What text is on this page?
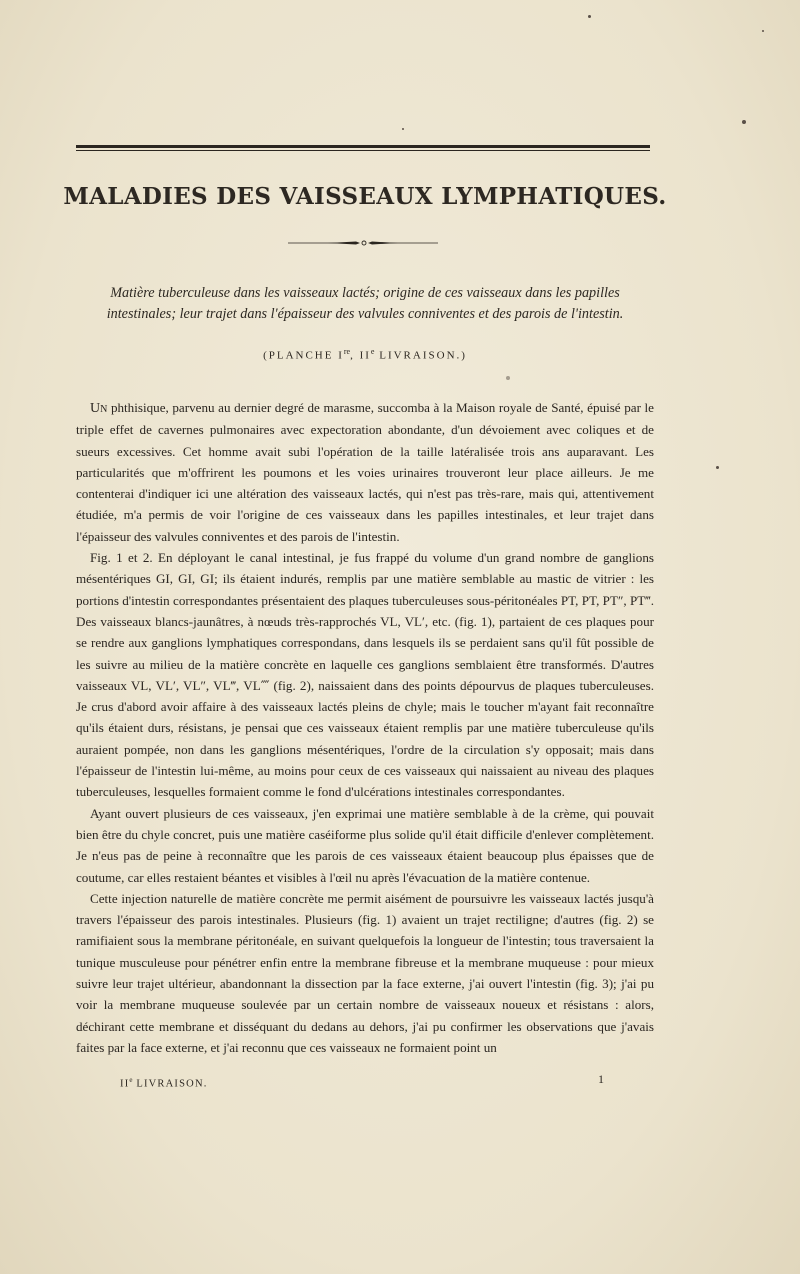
MALADIES DES VAISSEAUX LYMPHATIQUES.
Matière tuberculeuse dans les vaisseaux lactés; origine de ces vaisseaux dans les papilles intestinales; leur trajet dans l'épaisseur des valvules conniventes et des parois de l'intestin.
(PLANCHE Ire, IIe LIVRAISON.)

Un phthisique, parvenu au dernier degré de marasme, succomba à la Maison royale de Santé, épuisé par le triple effet de cavernes pulmonaires avec expectoration abondante, d'un dévoiement avec coliques et de sueurs excessives. Cet homme avait subi l'opération de la taille latéralisée trois ans auparavant. Les particularités que m'offrirent les poumons et les voies urinaires trouveront leur place ailleurs. Je me contenterai d'indiquer ici une altération des vaisseaux lactés, qui n'est pas très-rare, mais qui, attentivement étudiée, m'a permis de voir l'origine de ces vaisseaux dans les papilles intestinales, et leur trajet dans l'épaisseur des valvules conniventes et des parois de l'intestin.

Fig. 1 et 2. En déployant le canal intestinal, je fus frappé du volume d'un grand nombre de ganglions mésentériques GI, GI, GI; ils étaient indurés, remplis par une matière semblable au mastic de vitrier : les portions d'intestin correspondantes présentaient des plaques tuberculeuses sous-péritonéales PT, PT, PT″, PT‴. Des vaisseaux blancs-jaunâtres, à nœuds très-rapprochés VL, VL′, etc. (fig. 1), partaient de ces plaques pour se rendre aux ganglions lymphatiques correspondans, dans lesquels ils se perdaient sans qu'il fût possible de les suivre au milieu de la matière concrète en laquelle ces ganglions semblaient être transformés. D'autres vaisseaux VL, VL′, VL″, VL‴, VL⁗ (fig. 2), naissaient dans des points dépourvus de plaques tuberculeuses. Je crus d'abord avoir affaire à des vaisseaux lactés pleins de chyle; mais le toucher m'ayant fait reconnaître qu'ils étaient durs, résistans, je pensai que ces vaisseaux étaient remplis par une matière tuberculeuse qu'ils auraient pompée, non dans les ganglions mésentériques, l'ordre de la circulation s'y opposait; mais dans l'épaisseur de l'intestin lui-même, au moins pour ceux de ces vaisseaux qui naissaient au niveau des plaques tuberculeuses, lesquelles formaient comme le fond d'ulcérations intestinales correspondantes.

Ayant ouvert plusieurs de ces vaisseaux, j'en exprimai une matière semblable à de la crème, qui pouvait bien être du chyle concret, puis une matière caséiforme plus solide qu'il était difficile d'enlever complètement. Je n'eus pas de peine à reconnaître que les parois de ces vaisseaux étaient beaucoup plus épaisses que de coutume, car elles restaient béantes et visibles à l'œil nu après l'évacuation de la matière contenue.

Cette injection naturelle de matière concrète me permit aisément de poursuivre les vaisseaux lactés jusqu'à travers l'épaisseur des parois intestinales. Plusieurs (fig. 1) avaient un trajet rectiligne; d'autres (fig. 2) se ramifiaient sous la membrane péritonéale, en suivant quelquefois la longueur de l'intestin; tous traversaient la tunique musculeuse pour pénétrer enfin entre la membrane fibreuse et la membrane muqueuse : pour mieux suivre leur trajet ultérieur, abandonnant la dissection par la face externe, j'ai ouvert l'intestin (fig. 3); j'ai pu voir la membrane muqueuse soulevée par un certain nombre de vaisseaux noueux et résistans : alors, déchirant cette membrane et disséquant du dedans au dehors, j'ai pu confirmer les observations que j'avais faites par la face externe, et j'ai reconnu que ces vaisseaux ne formaient point un

IIe LIVRAISON.	1
